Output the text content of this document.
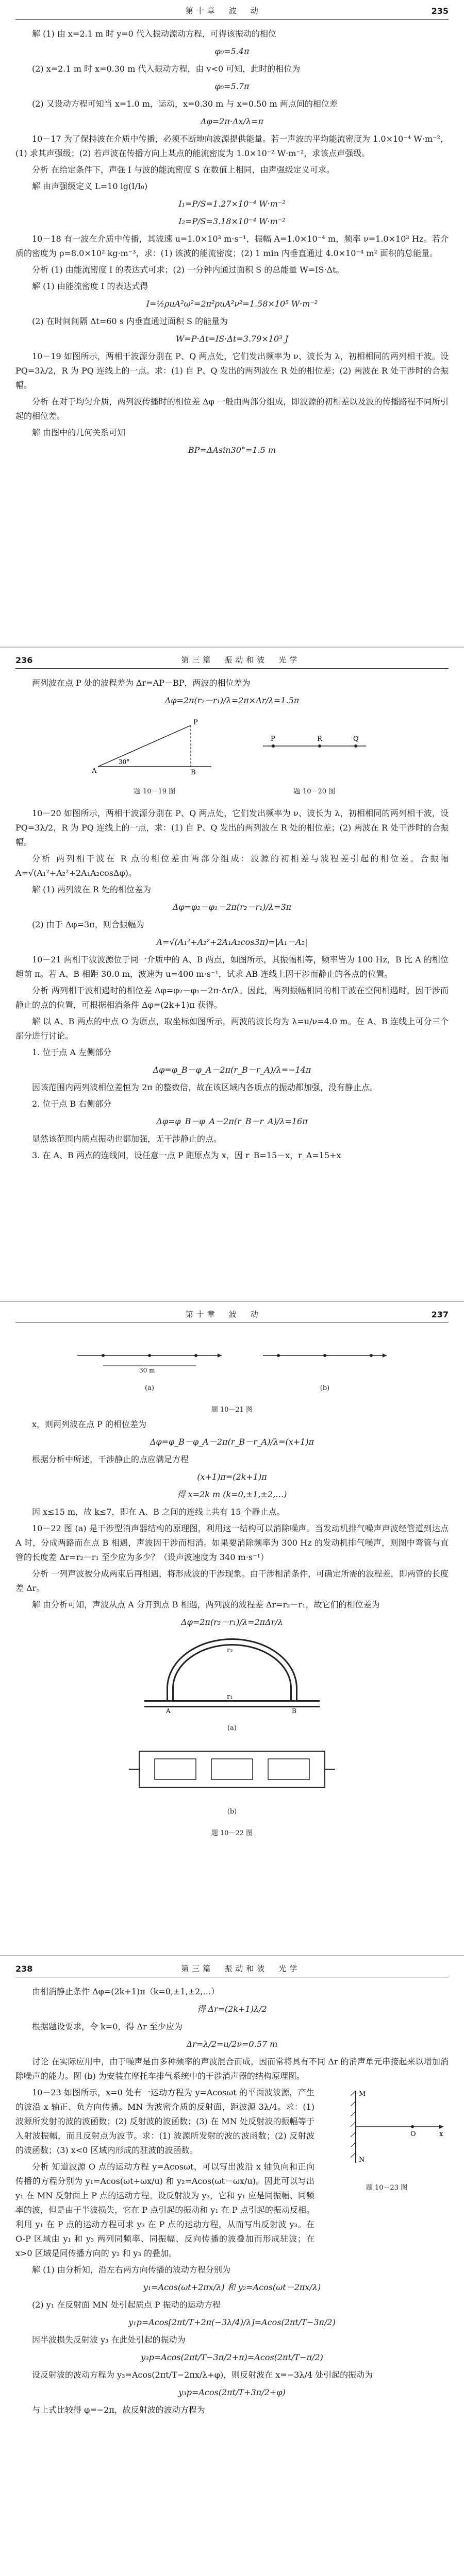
第十章　波　动	235

解 (1) 由 x=2.1 m 时 y=0 代入振动源动方程，可得该振动的相位

φ₀=5.4π

(2) x=2.1 m 时 x=0.30 m 代入振动方程，由 v<0 可知，此时的相位为

φ₀=5.7π

(2) 又设动方程可知当 x=1.0 m，运动，x=0.30 m 与 x=0.50 m 两点间的相位差

Δφ=2π·Δx/λ=π

10－17 为了保持波在介质中传播，必须不断地向波源提供能量。若一声波的平均能流密度为 1.0×10⁻⁴ W·m⁻²，(1) 求其声强级；(2) 若声波在传播方向上某点的能流密度为 1.0×10⁻² W·m⁻²，求该点声强级。

分析 在给定条件下，声强 I 与波的能流密度 S 在数值上相同，由声强级定义可求。

解 由声强级定义 L=10 lg(I/I₀)

I₁=P/S=1.27×10⁻⁴ W·m⁻²
I₂=P/S=3.18×10⁻⁴ W·m⁻²

10－18 有一波在介质中传播，其波速 u=1.0×10³ m·s⁻¹，振幅 A=1.0×10⁻⁴ m，频率 ν=1.0×10³ Hz。若介质的密度为 ρ=8.0×10² kg·m⁻³，求：(1) 该波的能流密度；(2) 1 min 内垂直通过 4.0×10⁻⁴ m² 面积的总能量。

分析 (1) 由能流密度 I 的表达式可求；(2) 一分钟内通过面积 S 的总能量 W=IS·Δt。

解 (1) 由能流密度 I 的表达式得

I=½ρuA²ω²=2π²ρuA²ν²=1.58×10⁵ W·m⁻²

(2) 在时间间隔 Δt=60 s 内垂直通过面积 S 的能量为

W=P·Δt=IS·Δt=3.79×10³ J

10－19 如图所示，两相干波源分别在 P、Q 两点处，它们发出频率为 ν、波长为 λ，初相相同的两列相干波。设 PQ=3λ/2，R 为 PQ 连线上的一点。求：(1) 自 P、Q 发出的两列波在 R 处的相位差；(2) 两波在 R 处干涉时的合振幅。

分析 在对于均匀介质，两列波传播时的相位差 Δφ 一般由两部分组成，即波源的初相差以及波的传播路程不同所引起的相位差。

解 由图中的几何关系可知

BP=ΔAsin30°=1.5 m
236	第三篇　振动和波　光学

两列波在点 P 处的波程差为 Δr=AP－BP，两波的相位差为

Δφ=2π(r₂－r₁)/λ=2π×Δr/λ=1.5π
A	B
P
30°
题 10－19 图
P	R	Q
题 10－20 图

10－20 如图所示，两相干波源分别在 P、Q 两点处，它们发出频率为 ν、波长为 λ，初相相同的两列相干波，设 PQ=3λ/2，R 为 PQ 连线上的一点，求：(1) 自 P、Q 发出的两列波在 R 处的相位差；(2) 两波在 R 处干涉时的合振幅。

分析 两列相干波在 R 点的相位差由两部分组成：波源的初相差与波程差引起的相位差。合振幅 A=√(A₁²+A₂²+2A₁A₂cosΔφ)。

解 (1) 两列波在 R 处的相位差为

Δφ=φ₂－φ₁－2π(r₂－r₁)/λ=3π

(2) 由于 Δφ=3π，则合振幅为

A=√(A₁²+A₂²+2A₁A₂cos3π)=|A₁－A₂|

10－21 两相干波波源位于同一介质中的 A、B 两点，如图所示，其振幅相等，频率皆为 100 Hz，B 比 A 的相位超前 π。若 A、B 相距 30.0 m，波速为 u=400 m·s⁻¹，试求 AB 连线上因干涉而静止的各点的位置。

分析 两列相干波相遇时的相位差 Δφ=φ₂－φ₁－2π·Δr/λ。因此，两列振幅相同的相干波在空间相遇时，因干涉而静止的点的位置，可根据相消条件 Δφ=(2k+1)π 获得。

解 以 A、B 两点的中点 O 为原点，取坐标如图所示，两波的波长均为 λ=u/ν=4.0 m。在 A、B 连线上可分三个部分进行讨论。

1. 位于点 A 左侧部分

Δφ=φ_B－φ_A－2π(r_B－r_A)/λ=−14π

因该范围内两列波相位差恒为 2π 的整数倍，故在该区域内各质点的振动都加强，没有静止点。

2. 位于点 B 右侧部分

Δφ=φ_B－φ_A－2π(r_B－r_A)/λ=16π

显然该范围内质点振动也都加强，无干涉静止的点。

3. 在 A、B 两点的连线间，设任意一点 P 距原点为 x，因 r_B=15－x，r_A=15+x

第十章　波　动	237
30 m
(a)	(b)
题 10－21 图

x，则两列波在点 P 的相位差为

Δφ=φ_B－φ_A－2π(r_B－r_A)/λ=(x+1)π

根据分析中所述，干涉静止的点应满足方程

(x+1)π=(2k+1)π
得 x=2k m (k=0,±1,±2,…)

因 x≤15 m，故 k≤7，即在 A、B 之间的连线上共有 15 个静止点。

10－22 图 (a) 是干涉型消声器结构的原理图，利用这一结构可以消除噪声。当发动机排气噪声声波经管道到达点 A 时，分成两路而在点 B 相遇，声波因干涉而相消。如果要消除频率为 300 Hz 的发动机排气噪声，则图中弯管与直管的长度差 Δr=r₂－r₁ 至少应为多少？（设声波速度为 340 m·s⁻¹）

分析 一列声波被分成两束后再相遇，将形成波的干涉现象。由干涉相消条件，可确定所需的波程差，即两管的长度差 Δr。

解 由分析可知，声波从点 A 分开到点 B 相遇，两列波的波程差 Δr=r₂－r₁，故它们的相位差为

Δφ=2π(r₂－r₁)/λ=2πΔr/λ
r₂
r₁
A	B
(a)
(b)
题 10－22 图
238	第三篇　振动和波　光学

由相消静止条件 Δφ=(2k+1)π（k=0,±1,±2,…）

得 Δr=(2k+1)λ/2

根据题设要求，令 k=0，得 Δr 至少应为

Δr=λ/2=u/2ν=0.57 m

讨论 在实际应用中，由于噪声是由多种频率的声波混合而成，因而常将具有不同 Δr 的消声单元串接起来以增加消除噪声的能力。图 (b) 为安装在摩托车排气系统中的干涉消声器的结构原理图。

10－23 如图所示，x=0 处有一运动方程为 y=Acosωt 的平面波波源，产生的波沿 x 轴正、负方向传播。MN 为波密介质的反射面，距波源 3λ/4。求：(1) 波源所发射的波的波函数；(2) 反射波的波函数；(3) 在 MN 处反射波的振幅等于入射波振幅，而且反射点为波节。求：(1) 波源所发射的波的波函数；(2) 反射波的波函数；(3) x<0 区域内形成的驻波的波函数。

分析 知道波源 O 点的运动方程 y=Acosωt，可以写出波沿 x 轴负向和正向传播的方程分别为 y₁=Acos(ωt+ωx/u) 和 y₂=Acos(ωt－ωx/u)。因此可以写出 y₁ 在 MN 反射面上 P 点的运动方程。设反射波为 y₃，它和 y₁ 应是同振幅、同频率的波，但是由于半波损失，它在 P 点引起的振动和 y₁ 在 P 点引起的振动反相。利用 y₁ 在 P 点的运动方程可求 y₃ 在 P 点的运动方程，从而写出反射波 y₃。在 O-P 区域由 y₁ 和 y₃ 两列同频率、同振幅、反向传播的波叠加而形成驻波；在 x>0 区域是同传播方向的 y₂ 和 y₃ 的叠加。

M
N
O	x
题 10－23 图

解 (1) 由分析知，沿左右两方向传播的波动方程分别为

y₁=Acos(ωt+2πx/λ) 和 y₂=Acos(ωt－2πx/λ)

(2) y₁ 在反射面 MN 处引起质点 P 振动的运动方程

y₁p=Acos[2πt/T+2π(−3λ/4)/λ]=Acos(2πt/T−3π/2)

因半波损失反射波 y₃ 在此处引起的振动为

y₃p=Acos(2πt/T−3π/2+π)=Acos(2πt/T−π/2)

设反射波的波动方程为 y₃=Acos(2πt/T−2πx/λ+φ)，则反射波在 x=−3λ/4 处引起的振动为

y₃p=Acos(2πt/T+3π/2+φ)

与上式比较得 φ=−2π，故反射波的波动方程为
